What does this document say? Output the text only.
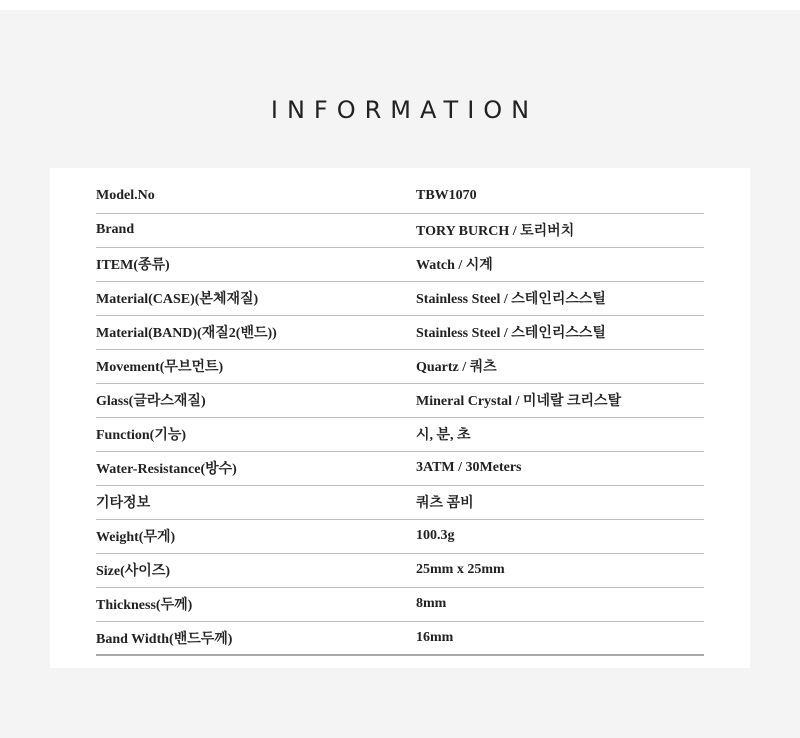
INFORMATION
Model.No	TBW1070
Brand	TORY BURCH / 토리버치
ITEM(종류)	Watch / 시계
Material(CASE)(본체재질)	Stainless Steel / 스테인리스스틸
Material(BAND)(재질2(밴드))	Stainless Steel / 스테인리스스틸
Movement(무브먼트)	Quartz / 쿼츠
Glass(글라스재질)	Mineral Crystal / 미네랄 크리스탈
Function(기능)	시, 분, 초
Water-Resistance(방수)	3ATM / 30Meters
기타정보	쿼츠 콤비
Weight(무게)	100.3g
Size(사이즈)	25mm x 25mm
Thickness(두께)	8mm
Band Width(밴드두께)	16mm
